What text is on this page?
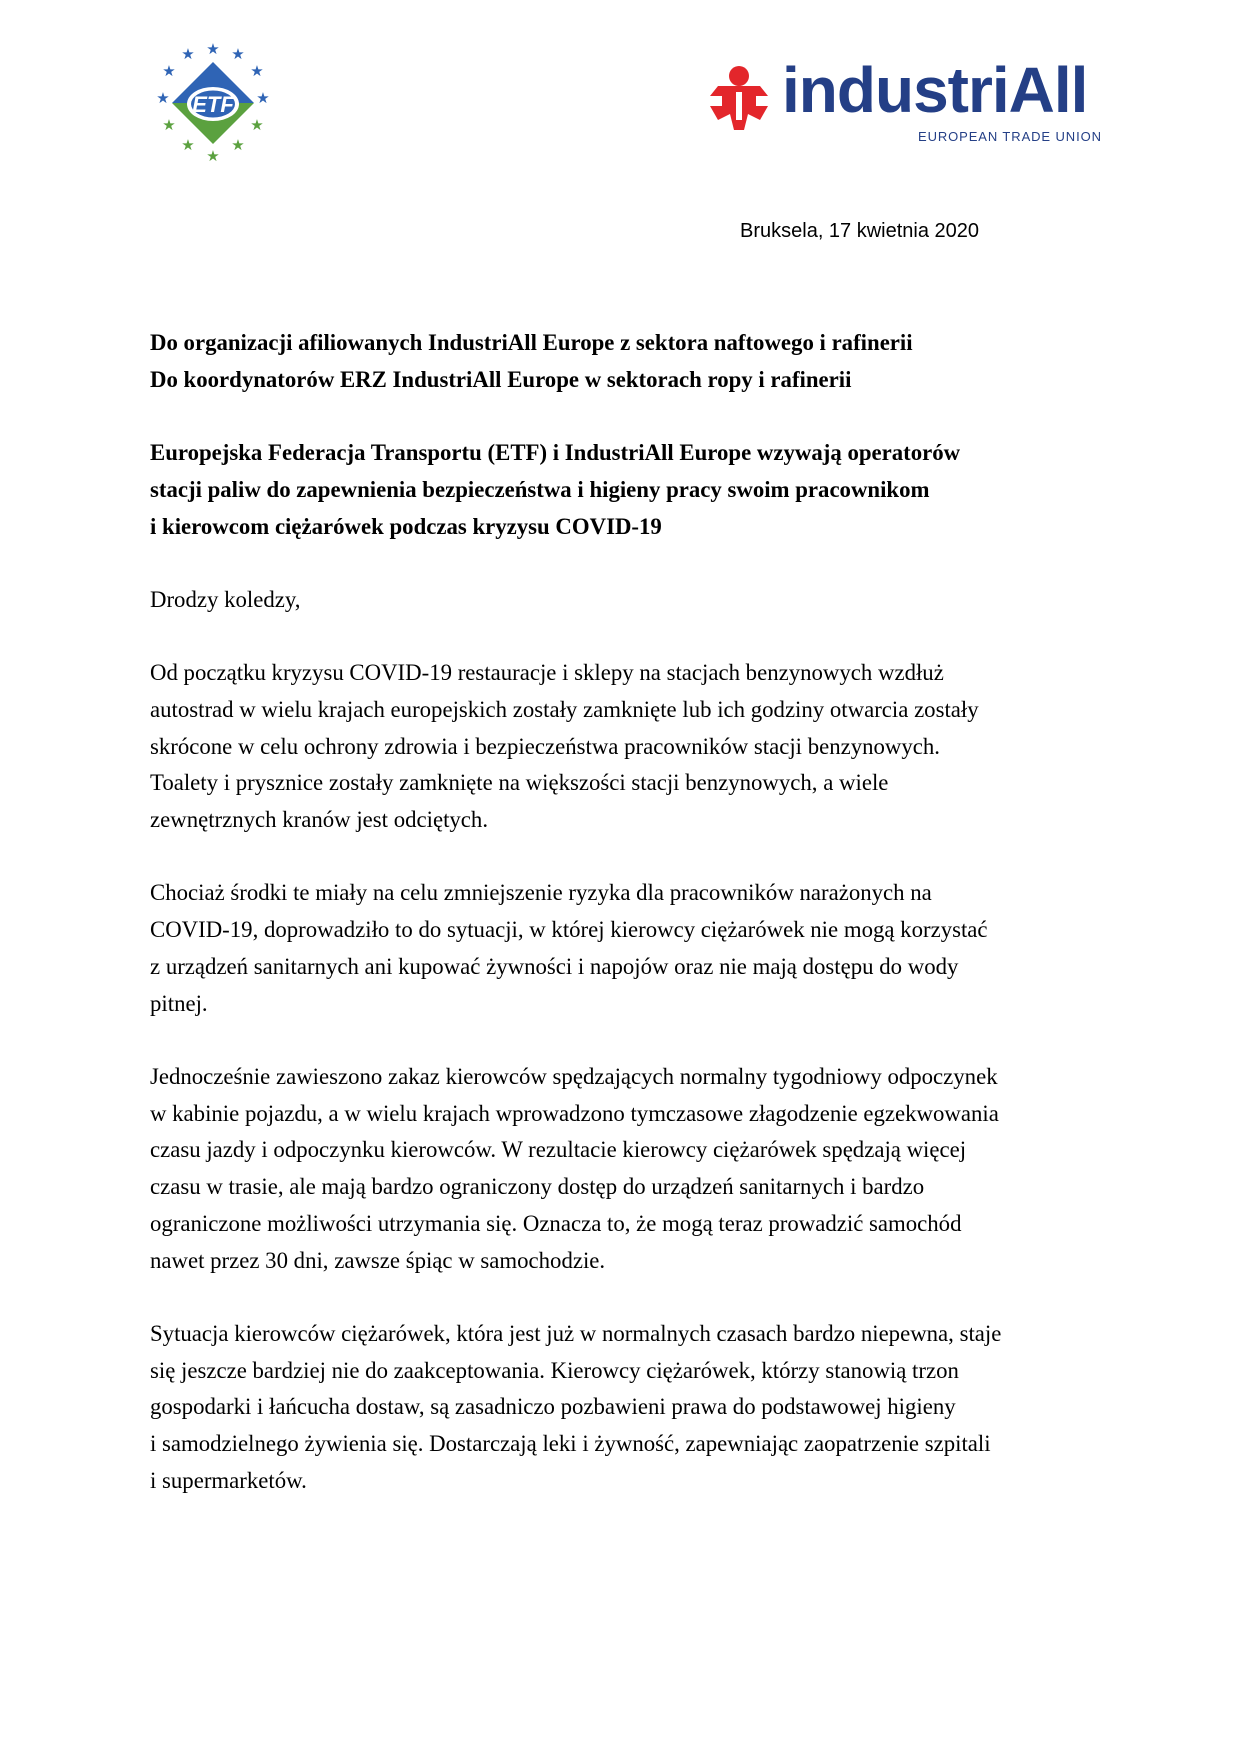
ETF
★ ★
★
★
★
★
★
★
★
★
★
★	industriAll
EUROPEAN TRADE UNION
Bruksela, 17 kwietnia 2020

Do organizacji afiliowanych IndustriAll Europe z sektora naftowego i rafinerii
Do koordynatorów ERZ IndustriAll Europe w sektorach ropy i rafinerii

Europejska Federacja Transportu (ETF) i IndustriAll Europe wzywają operatorów
stacji paliw do zapewnienia bezpieczeństwa i higieny pracy swoim pracownikom
i kierowcom ciężarówek podczas kryzysu COVID-19

Drodzy koledzy,

Od początku kryzysu COVID-19 restauracje i sklepy na stacjach benzynowych wzdłuż
autostrad w wielu krajach europejskich zostały zamknięte lub ich godziny otwarcia zostały
skrócone w celu ochrony zdrowia i bezpieczeństwa pracowników stacji benzynowych.
Toalety i prysznice zostały zamknięte na większości stacji benzynowych, a wiele
zewnętrznych kranów jest odciętych.

Chociaż środki te miały na celu zmniejszenie ryzyka dla pracowników narażonych na
COVID-19, doprowadziło to do sytuacji, w której kierowcy ciężarówek nie mogą korzystać
z urządzeń sanitarnych ani kupować żywności i napojów oraz nie mają dostępu do wody
pitnej.

Jednocześnie zawieszono zakaz kierowców spędzających normalny tygodniowy odpoczynek
w kabinie pojazdu, a w wielu krajach wprowadzono tymczasowe złagodzenie egzekwowania
czasu jazdy i odpoczynku kierowców. W rezultacie kierowcy ciężarówek spędzają więcej
czasu w trasie, ale mają bardzo ograniczony dostęp do urządzeń sanitarnych i bardzo
ograniczone możliwości utrzymania się. Oznacza to, że mogą teraz prowadzić samochód
nawet przez 30 dni, zawsze śpiąc w samochodzie.

Sytuacja kierowców ciężarówek, która jest już w normalnych czasach bardzo niepewna, staje
się jeszcze bardziej nie do zaakceptowania. Kierowcy ciężarówek, którzy stanowią trzon
gospodarki i łańcucha dostaw, są zasadniczo pozbawieni prawa do podstawowej higieny
i samodzielnego żywienia się. Dostarczają leki i żywność, zapewniając zaopatrzenie szpitali
i supermarketów.
